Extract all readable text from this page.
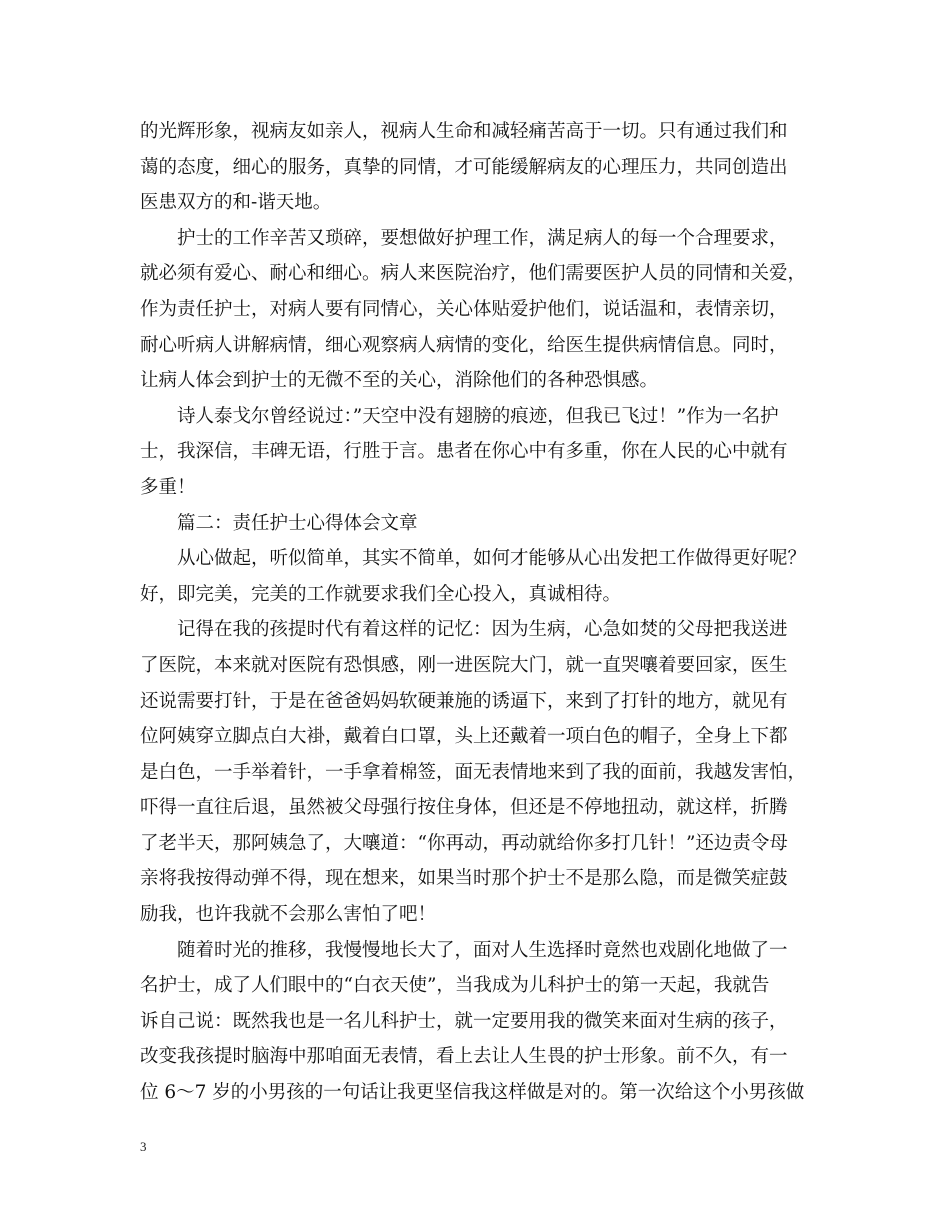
的光辉形象，视病友如亲人，视病人生命和减轻痛苦高于一切。只有通过我们和
蔼的态度，细心的服务，真挚的同情，才可能缓解病友的心理压力，共同创造出
医患双方的和-谐天地。
护士的工作辛苦又琐碎，要想做好护理工作，满足病人的每一个合理要求，
就必须有爱心、耐心和细心。病人来医院治疗，他们需要医护人员的同情和关爱，
作为责任护士，对病人要有同情心，关心体贴爱护他们，说话温和，表情亲切，
耐心听病人讲解病情，细心观察病人病情的变化，给医生提供病情信息。同时，
让病人体会到护士的无微不至的关心，消除他们的各种恐惧感。
诗人泰戈尔曾经说过：”天空中没有翅膀的痕迹，但我已飞过！”作为一名护
士，我深信，丰碑无语，行胜于言。患者在你心中有多重，你在人民的心中就有
多重！
篇二：责任护士心得体会文章
从心做起，听似简单，其实不简单，如何才能够从心出发把工作做得更好呢？
好，即完美，完美的工作就要求我们全心投入，真诚相待。
记得在我的孩提时代有着这样的记忆：因为生病，心急如焚的父母把我送进
了医院，本来就对医院有恐惧感，刚一进医院大门，就一直哭嚷着要回家，医生
还说需要打针，于是在爸爸妈妈软硬兼施的诱逼下，来到了打针的地方，就见有
位阿姨穿立脚点白大褂，戴着白口罩，头上还戴着一项白色的帽子，全身上下都
是白色，一手举着针，一手拿着棉签，面无表情地来到了我的面前，我越发害怕，
吓得一直往后退，虽然被父母强行按住身体，但还是不停地扭动，就这样，折腾
了老半天，那阿姨急了，大嚷道：“你再动，再动就给你多打几针！”还边责令母
亲将我按得动弹不得，现在想来，如果当时那个护士不是那么隐，而是微笑症鼓
励我，也许我就不会那么害怕了吧！
随着时光的推移，我慢慢地长大了，面对人生选择时竟然也戏剧化地做了一
名护士，成了人们眼中的“白衣天使”，当我成为儿科护士的第一天起，我就告
诉自己说：既然我也是一名儿科护士，就一定要用我的微笑来面对生病的孩子，
改变我孩提时脑海中那咱面无表情，看上去让人生畏的护士形象。前不久，有一
位 6～7 岁的小男孩的一句话让我更坚信我这样做是对的。第一次给这个小男孩做
3
